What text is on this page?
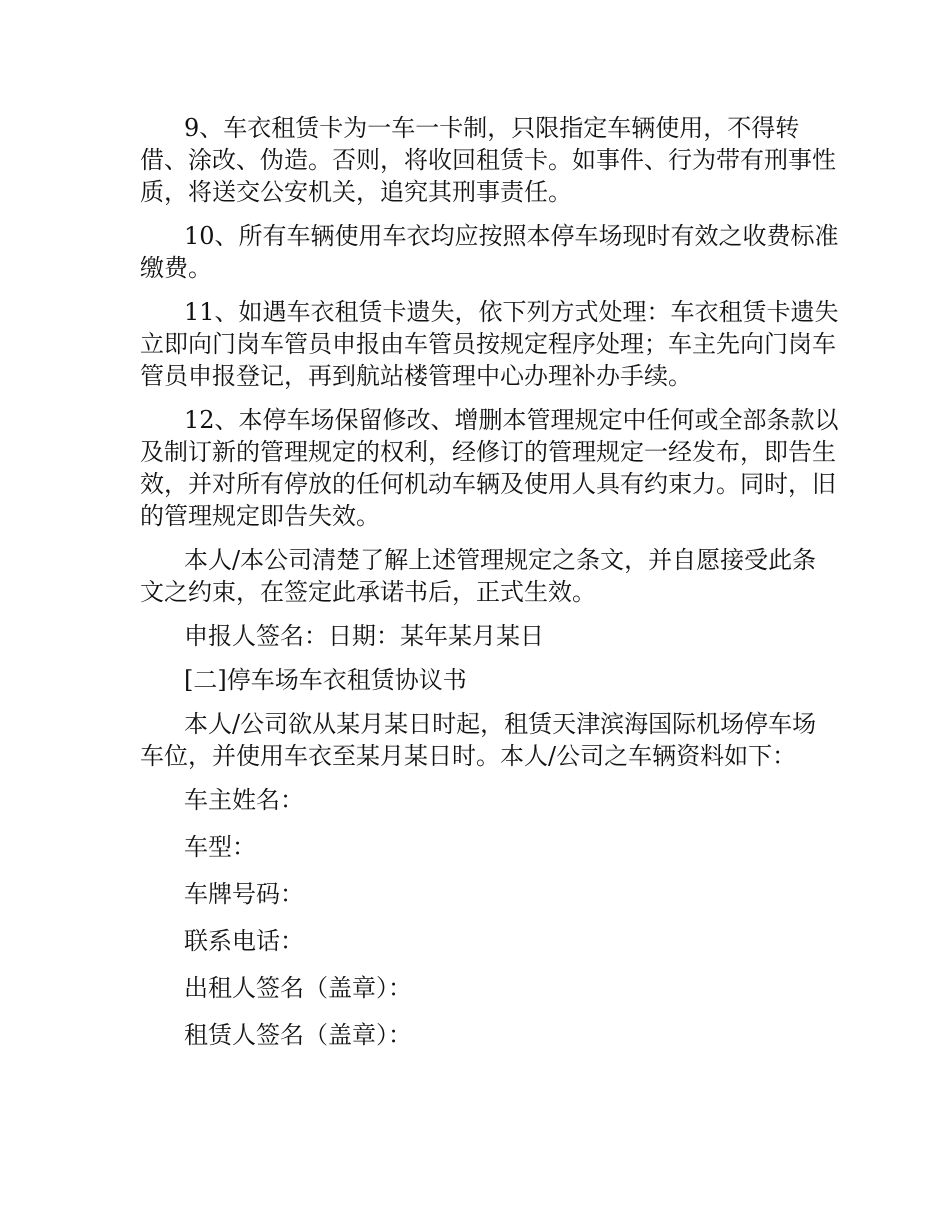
9、车衣租赁卡为一车一卡制，只限指定车辆使用，不得转借、涂改、伪造。否则，将收回租赁卡。如事件、行为带有刑事性质，将送交公安机关，追究其刑事责任。

10、所有车辆使用车衣均应按照本停车场现时有效之收费标准缴费。

11、如遇车衣租赁卡遗失，依下列方式处理：车衣租赁卡遗失立即向门岗车管员申报由车管员按规定程序处理；车主先向门岗车管员申报登记，再到航站楼管理中心办理补办手续。

12、本停车场保留修改、增删本管理规定中任何或全部条款以及制订新的管理规定的权利，经修订的管理规定一经发布，即告生效，并对所有停放的任何机动车辆及使用人具有约束力。同时，旧的管理规定即告失效。

本人/本公司清楚了解上述管理规定之条文，并自愿接受此条文之约束，在签定此承诺书后，正式生效。

申报人签名：日期：某年某月某日

[二]停车场车衣租赁协议书

本人/公司欲从某月某日时起，租赁天津滨海国际机场停车场车位，并使用车衣至某月某日时。本人/公司之车辆资料如下：

车主姓名：

车型：

车牌号码：

联系电话：

出租人签名（盖章）：

租赁人签名（盖章）：
